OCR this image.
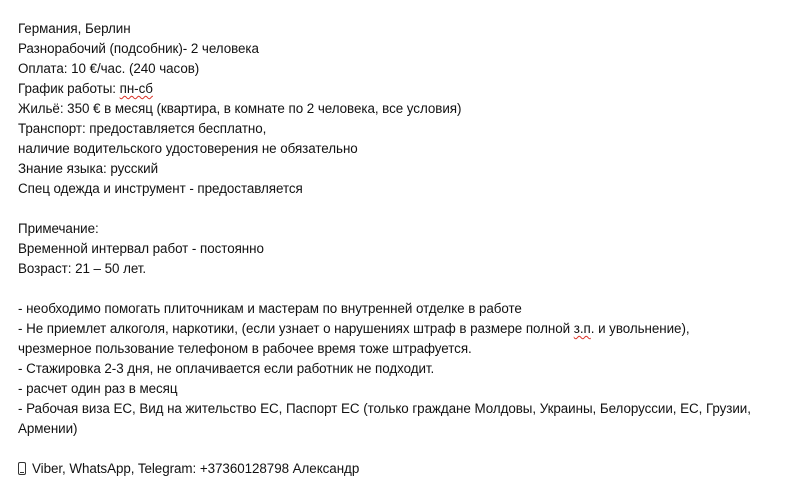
Германия, Берлин
Разнорабочий (подсобник)- 2 человека
Оплата: 10 €/час. (240 часов)
График работы: пн-сб
Жильё: 350 € в месяц (квартира, в комнате по 2 человека, все условия)
Транспорт: предоставляется бесплатно,
наличие водительского удостоверения не обязательно
Знание языка: русский
Спец одежда и инструмент - предоставляется
Примечание:
Временной интервал работ - постоянно
Возраст: 21 – 50 лет.
- необходимо помогать плиточникам и мастерам по внутренней отделке в работе
- Не приемлет алкоголя, наркотики, (если узнает о нарушениях штраф в размере полной з.п. и увольнение),
чрезмерное пользование телефоном в рабочее время тоже штрафуется.
- Стажировка 2-3 дня, не оплачивается если работник не подходит.
- расчет один раз в месяц
- Рабочая виза ЕС, Вид на жительство ЕС, Паспорт ЕС (только граждане Молдовы, Украины, Белоруссии, ЕС, Грузии, Армении)
Viber, WhatsApp, Telegram: +37360128798 Александр
